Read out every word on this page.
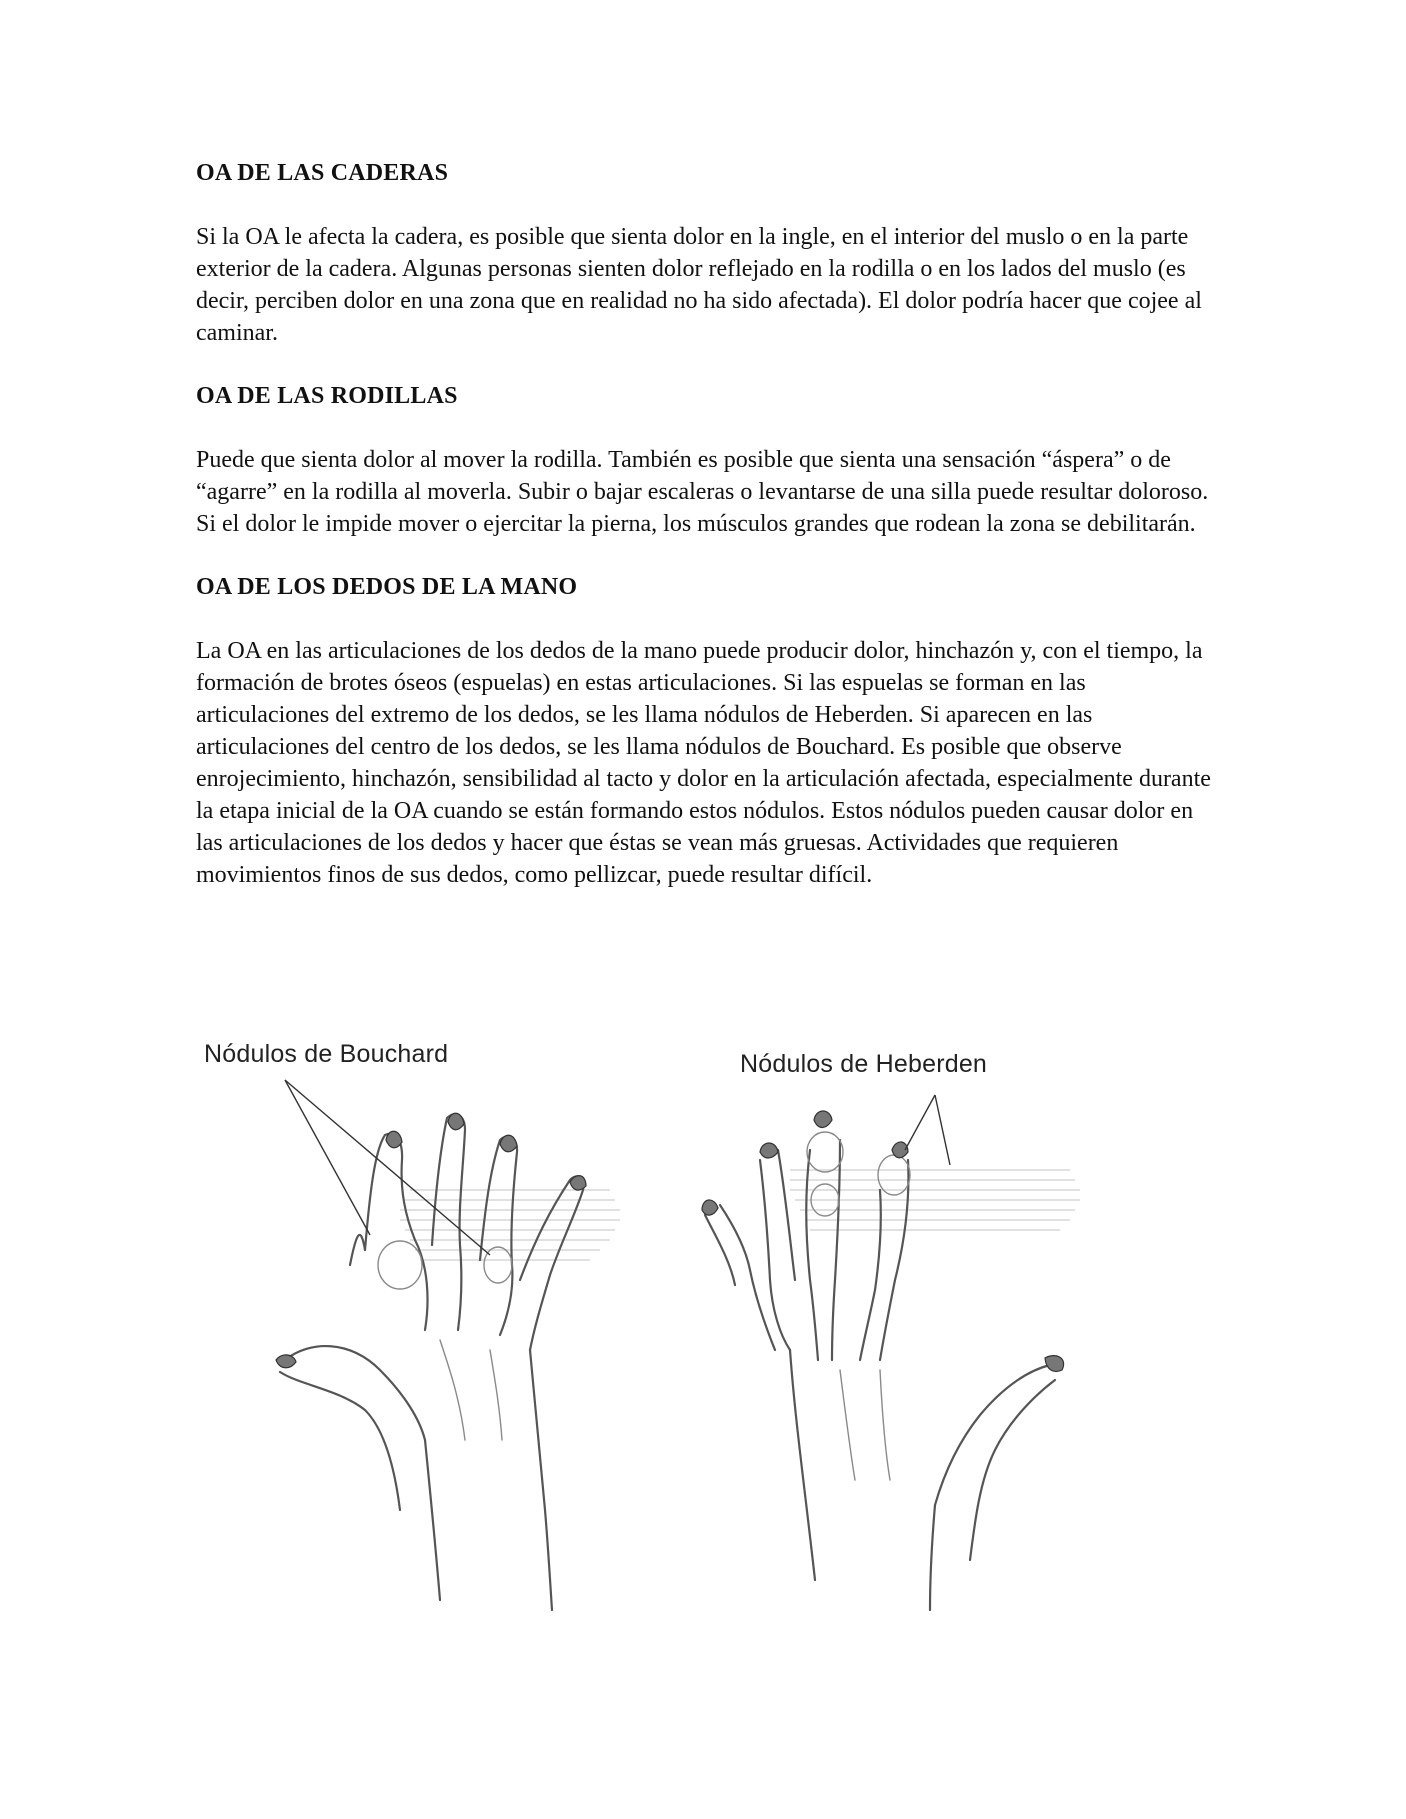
OA DE LAS CADERAS

Si la OA le afecta la cadera, es posible que sienta dolor en la ingle, en el interior del muslo o en la parte exterior de la cadera. Algunas personas sienten dolor reflejado en la rodilla o en los lados del muslo (es decir, perciben dolor en una zona que en realidad no ha sido afectada). El dolor podría hacer que cojee al caminar.

OA DE LAS RODILLAS

Puede que sienta dolor al mover la rodilla. También es posible que sienta una sensación “áspera” o de “agarre” en la rodilla al moverla. Subir o bajar escaleras o levantarse de una silla puede resultar doloroso. Si el dolor le impide mover o ejercitar la pierna, los músculos grandes que rodean la zona se debilitarán.

OA DE LOS DEDOS DE LA MANO

La OA en las articulaciones de los dedos de la mano puede producir dolor, hinchazón y, con el tiempo, la formación de brotes óseos (espuelas) en estas articulaciones. Si las espuelas se forman en las articulaciones del extremo de los dedos, se les llama nódulos de Heberden. Si aparecen en las articulaciones del centro de los dedos, se les llama nódulos de Bouchard. Es posible que observe enrojecimiento, hinchazón, sensibilidad al tacto y dolor en la articulación afectada, especialmente durante la etapa inicial de la OA cuando se están formando estos nódulos. Estos nódulos pueden causar dolor en las articulaciones de los dedos y hacer que éstas se vean más gruesas. Actividades que requieren movimientos finos de sus dedos, como pellizcar, puede resultar difícil.

Nódulos de Bouchard	Nódulos de Heberden
